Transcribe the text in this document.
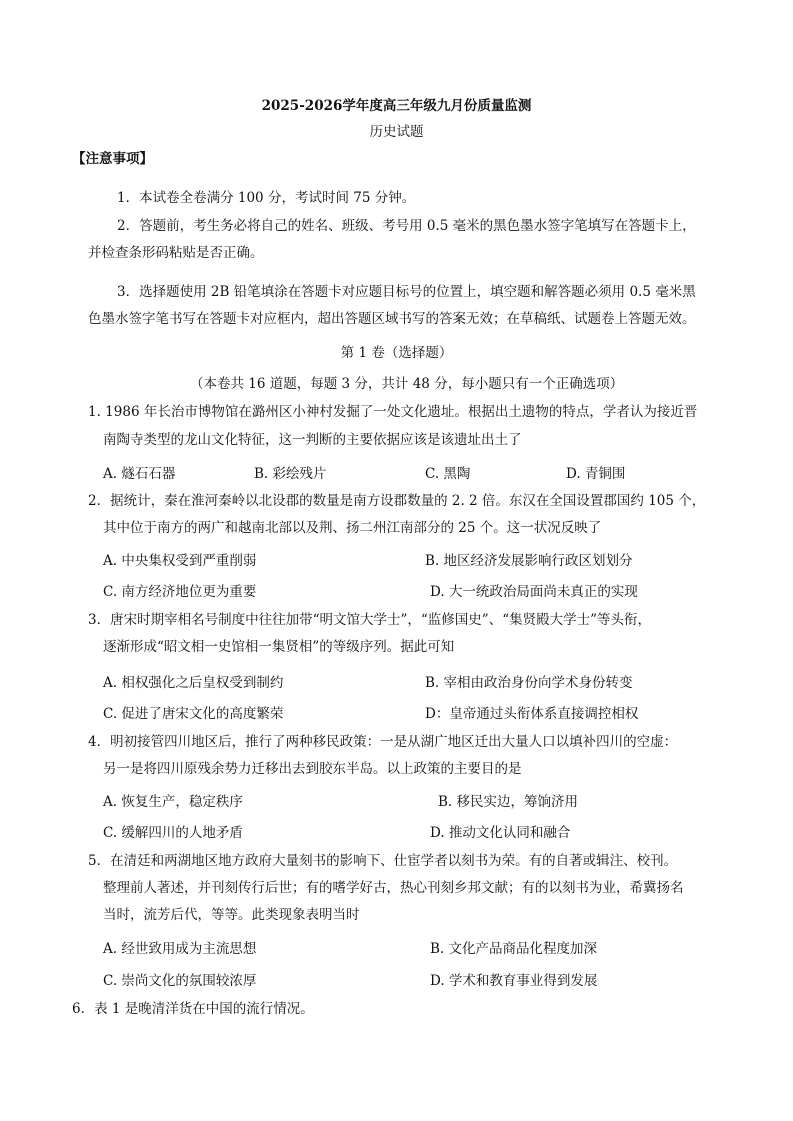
2025-2026学年度高三年级九月份质量监测
历史试题
【注意事项】
1．本试卷全卷满分 100 分，考试时间 75 分钟。
2．答题前，考生务必将自己的姓名、班级、考号用 0.5 毫米的黑色墨水签字笔填写在答题卡上，
并检查条形码粘贴是否正确。
3．选择题使用 2B 铅笔填涂在答题卡对应题目标号的位置上，填空题和解答题必须用 0.5 毫米黑
色墨水签字笔书写在答题卡对应框内，超出答题区域书写的答案无效；在草稿纸、试题卷上答题无效。
第 1 卷（选择题）
（本卷共 16 道题，每题 3 分，共计 48 分，每小题只有一个正确选项）
1. 1986 年长治市博物馆在潞州区小神村发掘了一处文化遗址。根据出土遗物的特点，学者认为接近晋
南陶寺类型的龙山文化特征，这一判断的主要依据应该是该遗址出土了
A. 燧石石器	B. 彩绘残片	C. 黑陶	D. 青铜围
2．据统计，秦在淮河秦岭以北设郡的数量是南方设郡数量的 2. 2 倍。东汉在全国设置郡国约 105 个，
其中位于南方的两广和越南北部以及荆、扬二州江南部分的 25 个。这一状况反映了
A. 中央集权受到严重削弱	B. 地区经济发展影响行政区划划分
C. 南方经济地位更为重要	D. 大一统政治局面尚未真正的实现
3．唐宋时期宰相名号制度中往往加带“明文馆大学士”，“监修国史”、“集贤殿大学士”等头衔，
逐渐形成“昭文相一史馆相一集贤相”的等级序列。据此可知
A. 相权强化之后皇权受到制约	B. 宰相由政治身份向学术身份转变
C. 促进了唐宋文化的高度繁荣	D：皇帝通过头衔体系直接调控相权
4．明初接管四川地区后，推行了两种移民政策：一是从湖广地区迁出大量人口以填补四川的空虚：
另一是将四川原残余势力迁移出去到胶东半岛。以上政策的主要目的是
A. 恢复生产，稳定秩序	B. 移民实边，筹饷济用
C. 缓解四川的人地矛盾	D. 推动文化认同和融合
5．在清廷和两湖地区地方政府大量刻书的影响下、仕宦学者以刻书为荣。有的自著或辑注、校刊。
整理前人著述，并刊刻传行后世；有的嗜学好古，热心刊刻乡邦文献；有的以刻书为业，希冀扬名
当时，流芳后代，等等。此类现象表明当时
A. 经世致用成为主流思想	B. 文化产品商品化程度加深
C. 崇尚文化的氛围较浓厚	D. 学术和教育事业得到发展
6．表 1 是晚清洋货在中国的流行情况。
